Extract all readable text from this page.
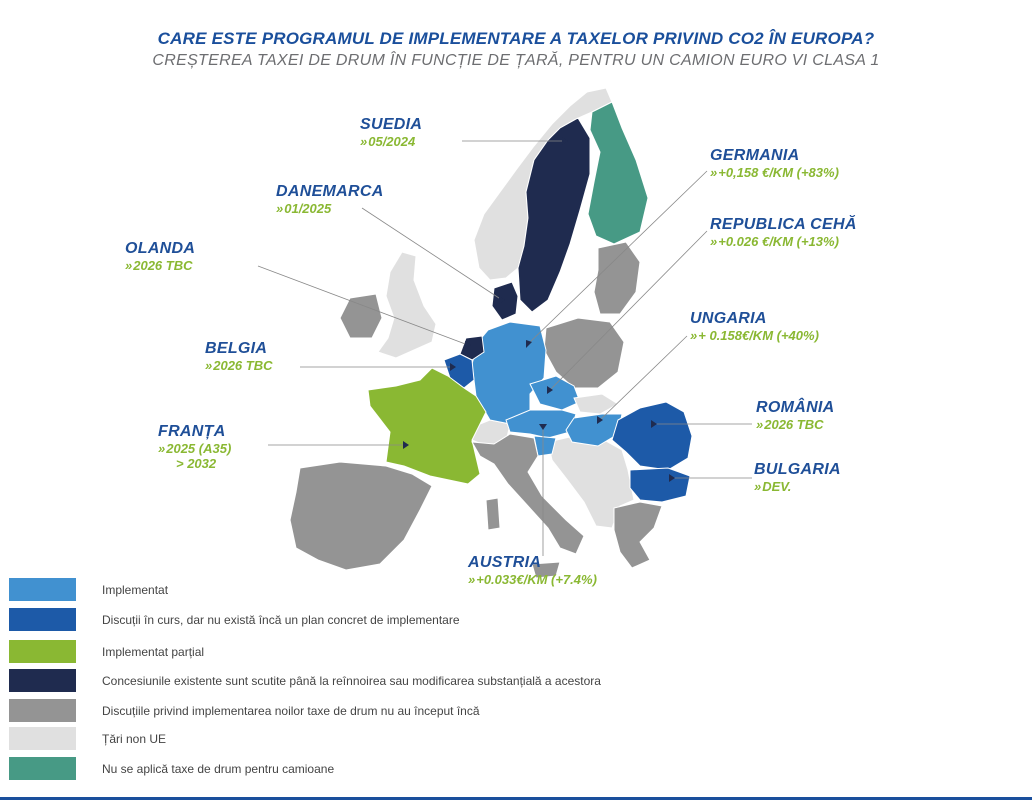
CARE ESTE PROGRAMUL DE IMPLEMENTARE A TAXELOR PRIVIND CO2 ÎN EUROPA?
CREȘTEREA TAXEI DE DRUM ÎN FUNCȚIE DE ȚARĂ, PENTRU UN CAMION EURO VI CLASA 1
SUEDIA
» 05/2024
GERMANIA
» +0,158 €/KM (+83%)
DANEMARCA
» 01/2025
REPUBLICA CEHĂ
» +0.026 €/KM (+13%)
OLANDA
» 2026 TBC
UNGARIA
» + 0.158€/KM (+40%)
BELGIA
» 2026 TBC
ROMÂNIA
» 2026 TBC
FRANȚA
» 2025 (A35)
> 2032	BULGARIA
» DEV.
AUSTRIA
» +0.033€/KM (+7.4%)
Implementat
Discuții în curs, dar nu există încă un plan concret de implementare
Implementat parțial
Concesiunile existente sunt scutite până la reînnoirea sau modificarea substanțială a acestora
Discuțiile privind implementarea noilor taxe de drum nu au început încă
Țări non UE
Nu se aplică taxe de drum pentru camioane
